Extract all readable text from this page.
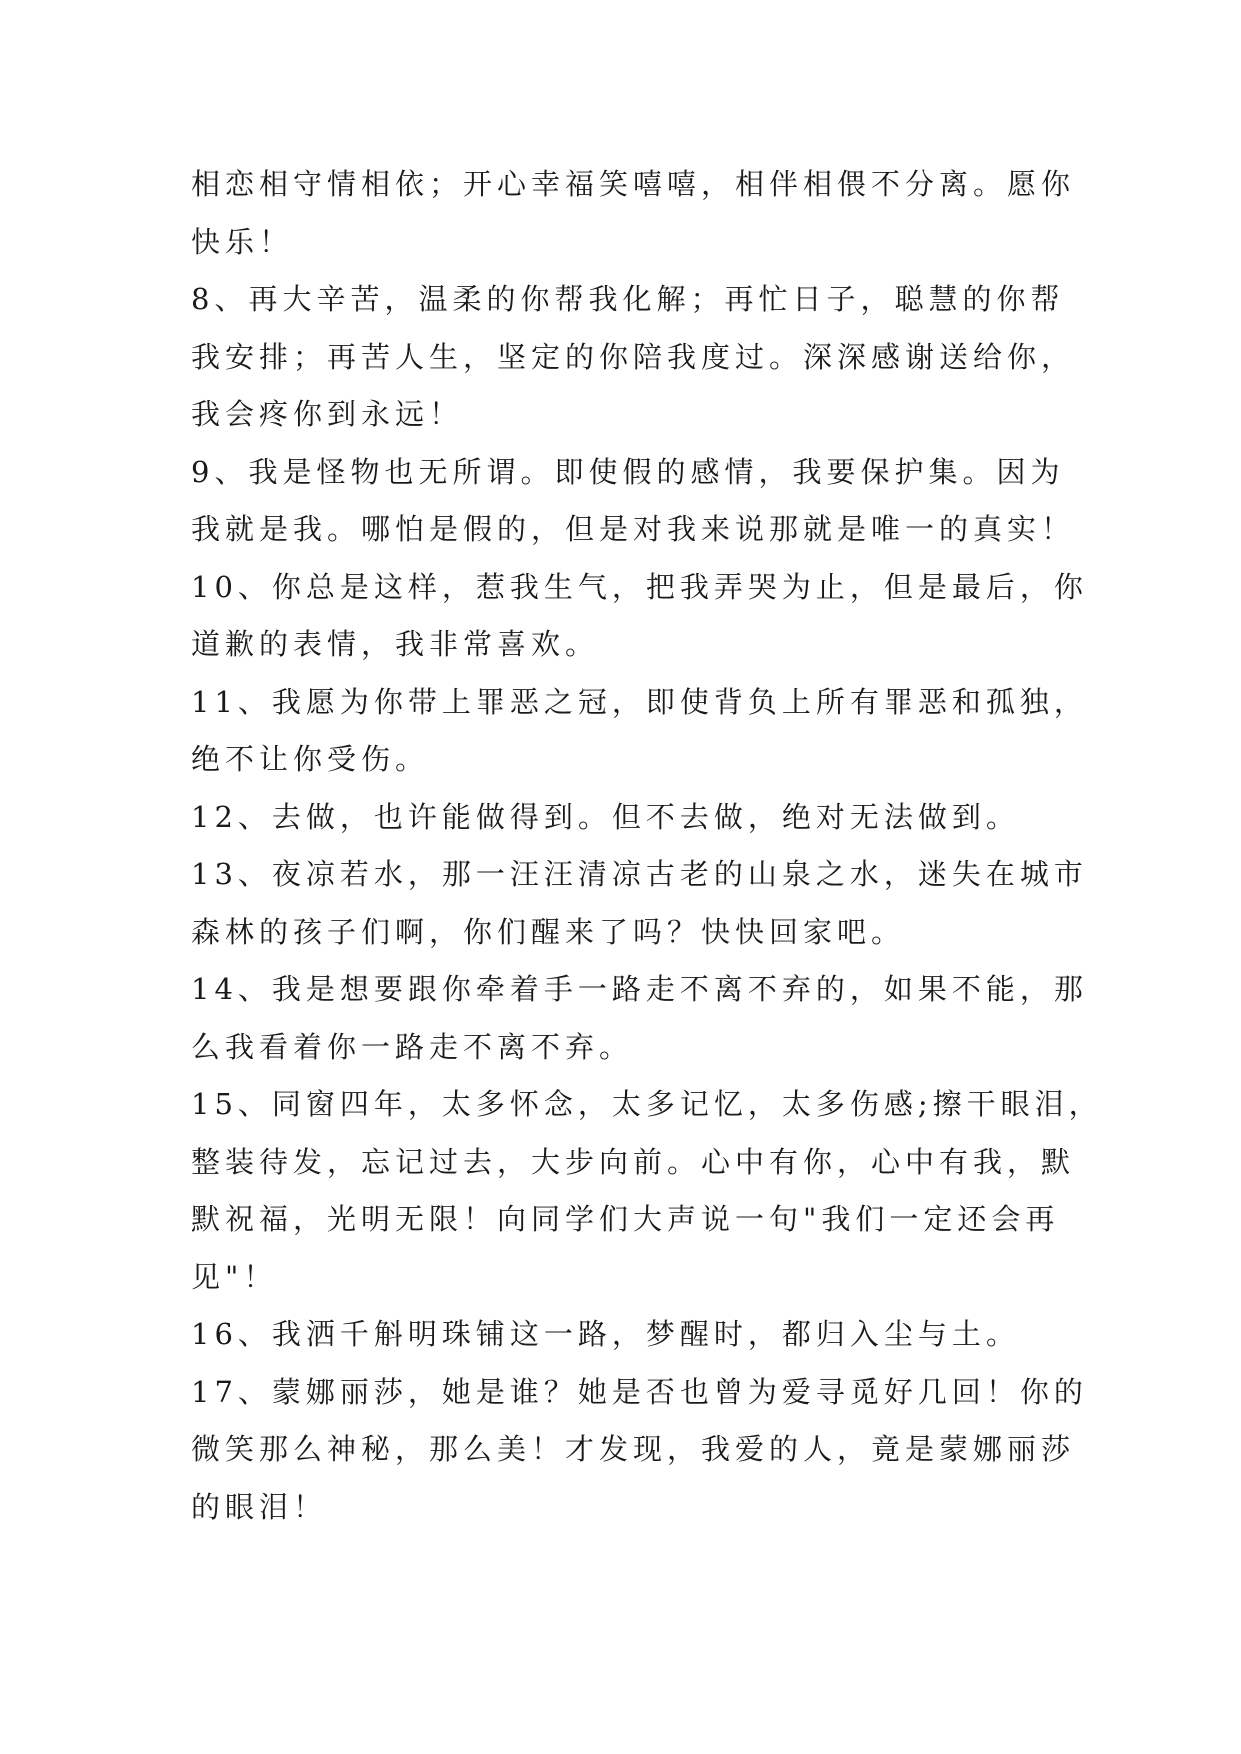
相恋相守情相依；开心幸福笑嘻嘻，相伴相偎不分离。愿你
快乐！

8、再大辛苦，温柔的你帮我化解；再忙日子，聪慧的你帮
我安排；再苦人生，坚定的你陪我度过。深深感谢送给你，
我会疼你到永远！

9、我是怪物也无所谓。即使假的感情，我要保护集。因为
我就是我。哪怕是假的，但是对我来说那就是唯一的真实！

10、你总是这样，惹我生气，把我弄哭为止，但是最后，你
道歉的表情，我非常喜欢。

11、我愿为你带上罪恶之冠，即使背负上所有罪恶和孤独，
绝不让你受伤。

12、去做，也许能做得到。但不去做，绝对无法做到。

13、夜凉若水，那一汪汪清凉古老的山泉之水，迷失在城市
森林的孩子们啊，你们醒来了吗？快快回家吧。

14、我是想要跟你牵着手一路走不离不弃的，如果不能，那
么我看着你一路走不离不弃。

15、同窗四年，太多怀念，太多记忆，太多伤感;擦干眼泪，
整装待发，忘记过去，大步向前。心中有你，心中有我，默
默祝福，光明无限！向同学们大声说一句"我们一定还会再
见"！

16、我洒千斛明珠铺这一路，梦醒时，都归入尘与土。

17、蒙娜丽莎，她是谁？她是否也曾为爱寻觅好几回！你的
微笑那么神秘，那么美！才发现，我爱的人，竟是蒙娜丽莎
的眼泪！
